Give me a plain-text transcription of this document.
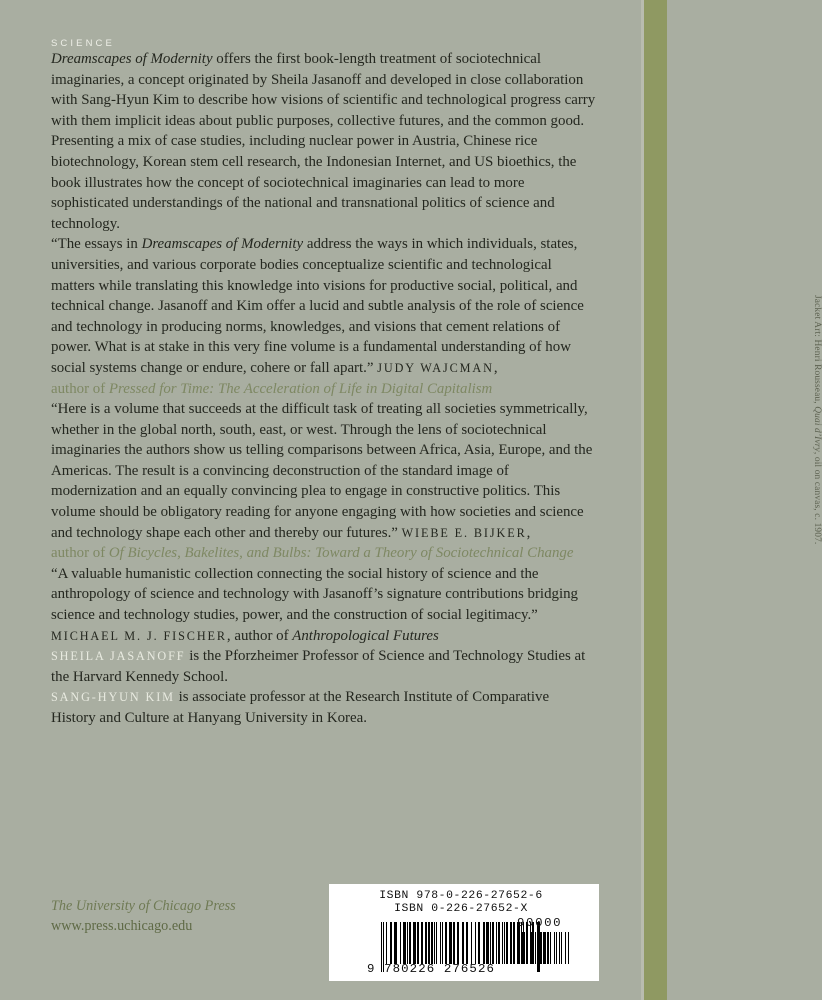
Jacket Art: Henri Rousseau, Quai d’Ivry, oil on canvas, c. 1907.
SCIENCE

Dreamscapes of Modernity offers the first book-length treatment of sociotechnical imaginaries, a concept originated by Sheila Jasanoff and developed in close collaboration with Sang-Hyun Kim to describe how visions of scientific and technological progress carry with them implicit ideas about public purposes, collective futures, and the common good. Presenting a mix of case studies, including nuclear power in Austria, Chinese rice biotechnology, Korean stem cell research, the Indonesian Internet, and US bioethics, the book illustrates how the concept of sociotechnical imaginaries can lead to more sophisticated understandings of the national and transnational politics of science and technology.

“The essays in Dreamscapes of Modernity address the ways in which individuals, states, universities, and various corporate bodies conceptualize scientific and technological matters while translating this knowledge into visions for productive social, political, and technical change. Jasanoff and Kim offer a lucid and subtle analysis of the role of science and technology in producing norms, knowledges, and visions that cement relations of power. What is at stake in this very fine volume is a fundamental understanding of how social systems change or endure, cohere or fall apart.” JUDY WAJCMAN,
author of Pressed for Time: The Acceleration of Life in Digital Capitalism

“Here is a volume that succeeds at the difficult task of treating all societies symmetrically, whether in the global north, south, east, or west. Through the lens of sociotechnical imaginaries the authors show us telling comparisons between Africa, Asia, Europe, and the Americas. The result is a convincing deconstruction of the standard image of modernization and an equally convincing plea to engage in constructive politics. This volume should be obligatory reading for anyone engaging with how societies and science and technology shape each other and thereby our futures.” WIEBE E. BIJKER,
author of Of Bicycles, Bakelites, and Bulbs: Toward a Theory of Sociotechnical Change

“A valuable humanistic collection connecting the social history of science and the anthropology of science and technology with Jasanoff’s signature contributions bridging science and technology studies, power, and the construction of social legitimacy.” MICHAEL M. J. FISCHER, author of Anthropological Futures

SHEILA JASANOFF is the Pforzheimer Professor of Science and Technology Studies at the Harvard Kennedy School.

SANG-HYUN KIM is associate professor at the Research Institute of Comparative History and Culture at Hanyang University in Korea.

The University of Chicago Press
www.press.uchicago.edu
ISBN 978-0-226-27652-6
ISBN 0-226-27652-X
9 780226 276526
90000
